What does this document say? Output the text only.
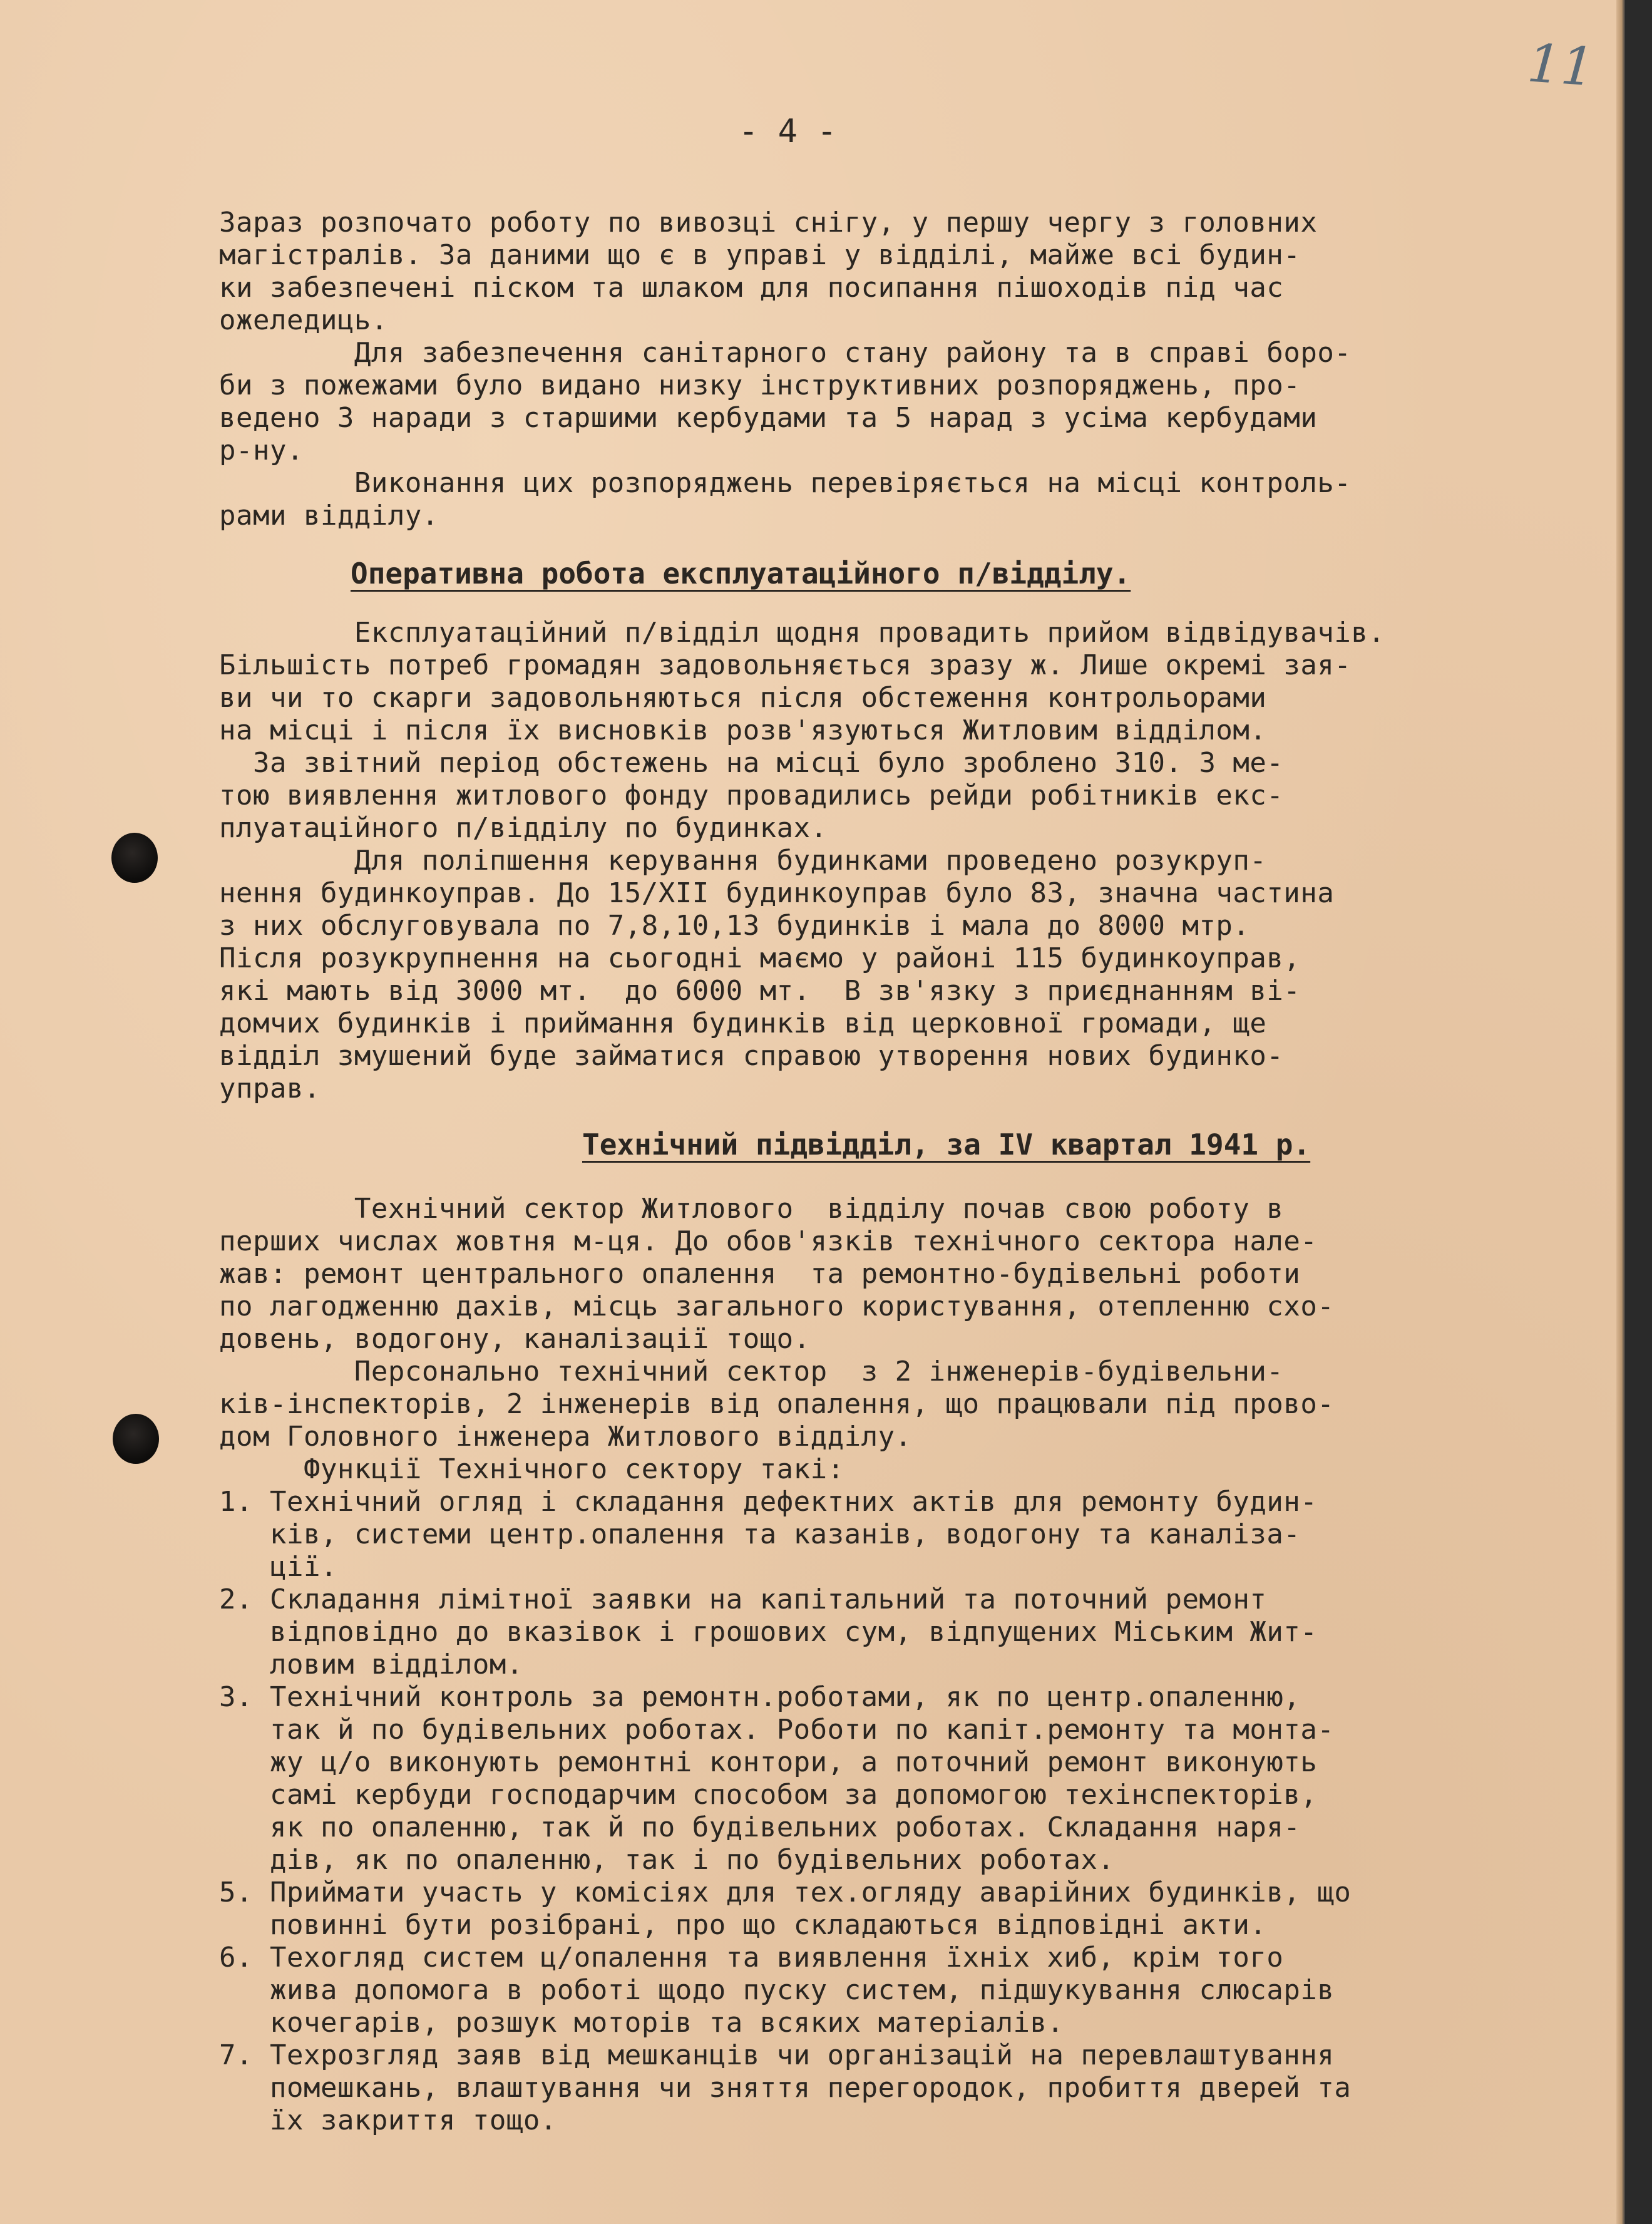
11
- 4 -
Зараз розпочато роботу по вивозці снігу, у першу чергу з головних
магістралів. За даними що є в управі у відділі, майже всі будин-
ки забезпечені піском та шлаком для посипання пішоходів під час
ожеледиць.
Для забезпечення санітарного стану району та в справі боро-
би з пожежами було видано низку інструктивних розпоряджень, про-
ведено 3 наради з старшими кербудами та 5 нарад з усіма кербудами
р-ну.
Виконання цих розпоряджень перевіряється на місці контроль-
рами відділу.
Оперативна робота експлуатаційного п/відділу.
Експлуатаційний п/відділ щодня провадить прийом відвідувачів.
Більшість потреб громадян задовольняється зразу ж. Лише окремі зая-
ви чи то скарги задовольняються після обстеження контрольорами
на місці і після їх висновків розв'язуються Житловим відділом.
За звітний період обстежень на місці було зроблено 310. З ме-
тою виявлення житлового фонду провадились рейди робітників екс-
плуатаційного п/відділу по будинках.
Для поліпшення керування будинками проведено розукруп-
нення будинкоуправ. До 15/ХІІ будинкоуправ було 83, значна частина
з них обслуговувала по 7,8,10,13 будинків і мала до 8000 мтр.
Після розукрупнення на сьогодні маємо у районі 115 будинкоуправ,
які мають від 3000 мт.  до 6000 мт.  В зв'язку з приєднанням ві-
домчих будинків і приймання будинків від церковної громади, ще
відділ змушений буде займатися справою утворення нових будинко-
управ.
Технічний підвідділ, за IV квартал 1941 р.
Технічний сектор Житлового  відділу почав свою роботу в
перших числах жовтня м-ця. До обов'язків технічного сектора нале-
жав: ремонт центрального опалення  та ремонтно-будівельні роботи
по лагодженню дахів, місць загального користування, отепленню схо-
довень, водогону, каналізації тощо.
Персонально технічний сектор  з 2 інженерів-будівельни-
ків-інспекторів, 2 інженерів від опалення, що працювали під прово-
дом Головного інженера Житлового відділу.
Функції Технічного сектору такі:
1. Технічний огляд і складання дефектних актів для ремонту будин-
ків, системи центр.опалення та казанів, водогону та каналіза-
ції.
2. Складання лімітної заявки на капітальний та поточний ремонт
відповідно до вказівок і грошових сум, відпущених Міським Жит-
ловим відділом.
3. Технічний контроль за ремонтн.роботами, як по центр.опаленню,
так й по будівельних роботах. Роботи по капіт.ремонту та монта-
жу ц/о виконують ремонтні контори, а поточний ремонт виконують
самі кербуди господарчим способом за допомогою техінспекторів,
як по опаленню, так й по будівельних роботах. Складання наря-
дів, як по опаленню, так і по будівельних роботах.
5. Приймати участь у комісіях для тех.огляду аварійних будинків, що
повинні бути розібрані, про що складаються відповідні акти.
6. Техогляд систем ц/опалення та виявлення їхніх хиб, крім того
жива допомога в роботі щодо пуску систем, підшукування слюсарів
кочегарів, розшук моторів та всяких матеріалів.
7. Техрозгляд заяв від мешканців чи організацій на перевлаштування
помешкань, влаштування чи зняття перегородок, пробиття дверей та
їх закриття тощо.
